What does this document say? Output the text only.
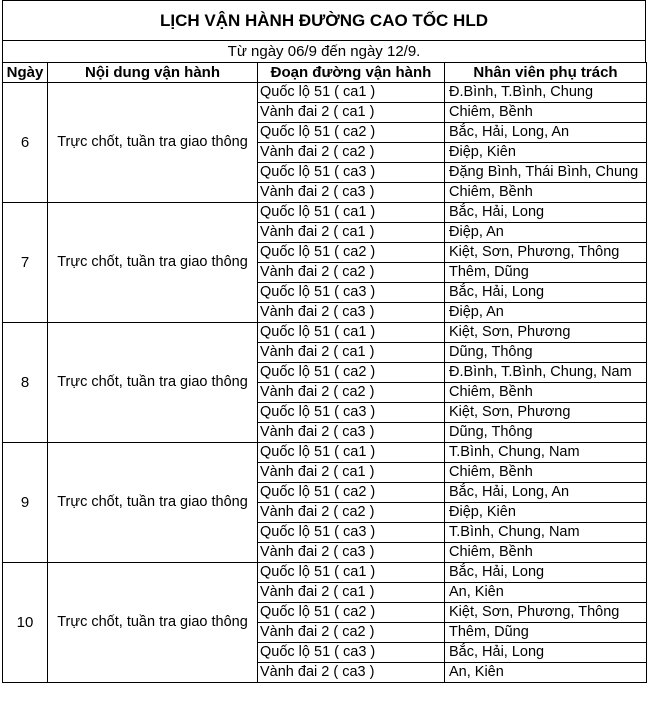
LỊCH VẬN HÀNH ĐƯỜNG CAO TỐC HLD
Từ ngày 06/9 đến ngày 12/9.
Ngày	Nội dung vận hành	Đoạn đường vận hành	Nhân viên phụ trách
6	Trực chốt, tuần tra giao thông	Quốc lộ 51 ( ca1 )	Đ.Bình, T.Bình, Chung
		Vành đai 2 ( ca1 )	Chiêm, Bềnh
		Quốc lộ 51 ( ca2 )	Bắc, Hải, Long, An
		Vành đai 2 ( ca2 )	Điệp, Kiên
		Quốc lộ 51 ( ca3 )	Đặng Bình, Thái Bình, Chung
		Vành đai 2 ( ca3 )	Chiêm, Bềnh
7	Trực chốt, tuần tra giao thông	Quốc lộ 51 ( ca1 )	Bắc, Hải, Long
		Vành đai 2 ( ca1 )	Điệp, An
		Quốc lộ 51 ( ca2 )	Kiệt, Sơn, Phương, Thông
		Vành đai 2 ( ca2 )	Thêm, Dũng
		Quốc lộ 51 ( ca3 )	Bắc, Hải, Long
		Vành đai 2 ( ca3 )	Điệp, An
8	Trực chốt, tuần tra giao thông	Quốc lộ 51 ( ca1 )	Kiệt, Sơn, Phương
		Vành đai 2 ( ca1 )	Dũng, Thông
		Quốc lộ 51 ( ca2 )	Đ.Bình, T.Bình, Chung, Nam
		Vành đai 2 ( ca2 )	Chiêm, Bềnh
		Quốc lộ 51 ( ca3 )	Kiệt, Sơn, Phương
		Vành đai 2 ( ca3 )	Dũng, Thông
9	Trực chốt, tuần tra giao thông	Quốc lộ 51 ( ca1 )	T.Bình, Chung, Nam
		Vành đai 2 ( ca1 )	Chiêm, Bềnh
		Quốc lộ 51 ( ca2 )	Bắc, Hải, Long, An
		Vành đai 2 ( ca2 )	Điệp, Kiên
		Quốc lộ 51 ( ca3 )	T.Bình, Chung, Nam
		Vành đai 2 ( ca3 )	Chiêm, Bềnh
10	Trực chốt, tuần tra giao thông	Quốc lộ 51 ( ca1 )	Bắc, Hải, Long
		Vành đai 2 ( ca1 )	An, Kiên
		Quốc lộ 51 ( ca2 )	Kiệt, Sơn, Phương, Thông
		Vành đai 2 ( ca2 )	Thêm, Dũng
		Quốc lộ 51 ( ca3 )	Bắc, Hải, Long
		Vành đai 2 ( ca3 )	An, Kiên
